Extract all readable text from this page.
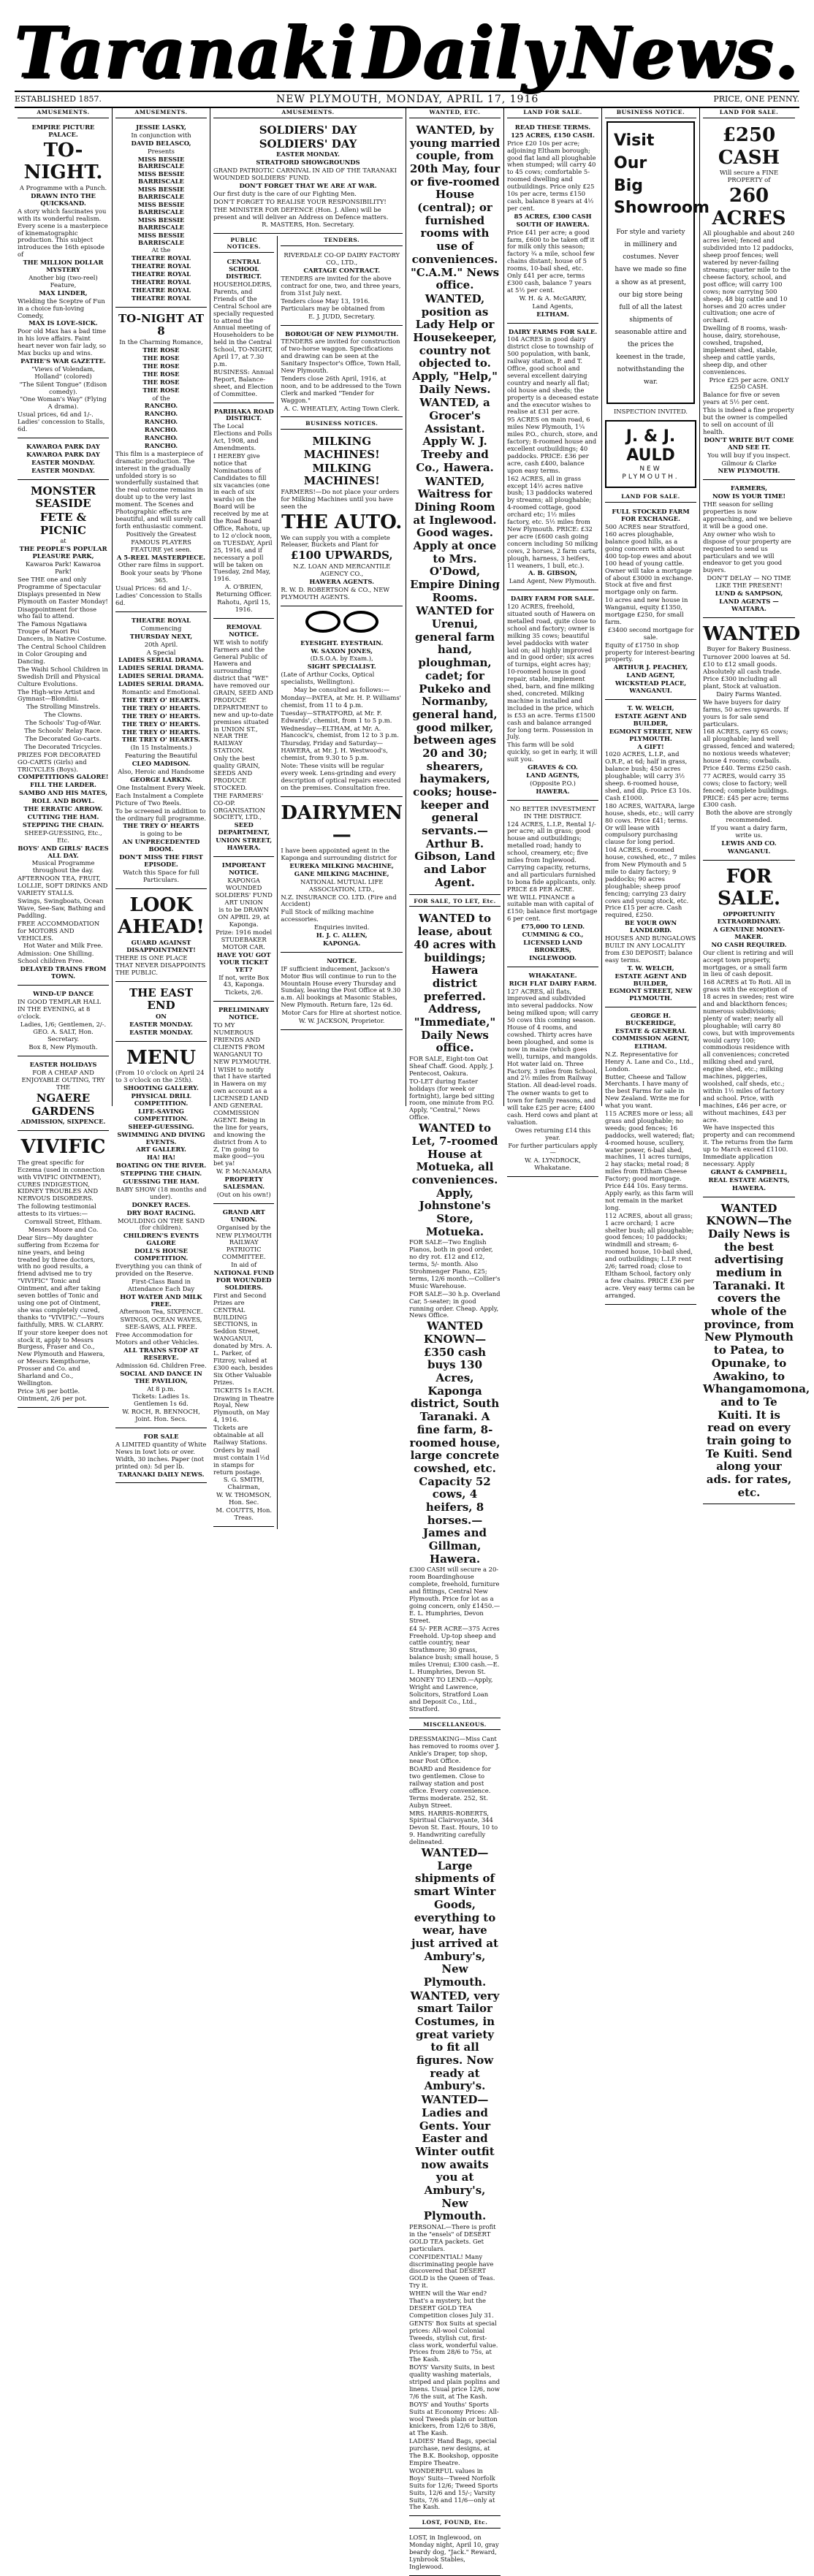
Taranaki Daily News.
ESTABLISHED 1857.	NEW PLYMOUTH, MONDAY, APRIL 17, 1916	PRICE, ONE PENNY.
AMUSEMENTS.

EMPIRE PICTURE PALACE.

TO-NIGHT.

A Programme with a Punch.

DRAWN INTO THE QUICKSAND.

A story which fascinates you with its wonderful realism. Every scene is a masterpiece of kinematographic production. This subject introduces the 16th episode of

THE MILLION DOLLAR MYSTERY

Another big (two-reel) Feature,

MAX LINDER,

Wielding the Sceptre of Fun in a choice fun-loving Comedy,

MAX IS LOVE-SICK.

Poor old Max has a bad time in his love affairs. Faint heart never won fair lady, so Max bucks up and wins.

PATHE'S WAR GAZETTE.

"Views of Volendam, Holland" (colored)

"The Silent Tongue" (Edison comedy).

"One Woman's Way" (Flying A drama).

Usual prices, 6d and 1/-. Ladies' concession to Stalls, 6d.

KAWAROA PARK DAY

KAWAROA PARK DAY

EASTER MONDAY.

EASTER MONDAY.

MONSTER SEASIDE

FETE & PICNIC

at

THE PEOPLE'S POPULAR PLEASURE PARK,

Kawaroa Park! Kawaroa Park!

See THE one and only Programme of Spectacular Displays presented in New Plymouth on Easter Monday!

Disappointment for those who fail to attend.

The Famous Ngatiawa Troupe of Maori Poi Dancers, in Native Costume.

The Central School Children in Color Grouping and Dancing.

The Waihi School Children in Swedish Drill and Physical Culture Evolutions.

The High-wire Artist and Gymnast—Blondini.

The Strolling Minstrels.

The Clowns.

The Schools' Tug-of-War.

The Schools' Relay Race.

The Decorated Go-carts.

The Decorated Tricycles.

PRIZES FOR DECORATED GO-CARTS (Girls) and TRICYCLES (Boys).

COMPETITIONS GALORE!

FILL THE LARDER.

SAMBO AND HIS MATES,

ROLL AND BOWL.

THE ERRATIC ARROW.

CUTTING THE HAM.

STEPPING THE CHAIN.

SHEEP-GUESSING, Etc., Etc.

BOYS' AND GIRLS' RACES ALL DAY.

Musical Programme throughout the day.

AFTERNOON TEA, FRUIT, LOLLIE, SOFT DRINKS AND VARIETY STALLS.

Swings, Swingboats, Ocean Wave, See-Saw, Bathing and Paddling.

FREE ACCOMMODATION for MOTORS AND VEHICLES.

Hot Water and Milk Free.

Admission: One Shilling. School children Free.

DELAYED TRAINS FROM TOWN.

WIND-UP DANCE

IN GOOD TEMPLAR HALL IN THE EVENING, at 8 o'clock.

Ladies, 1/6; Gentlemen, 2/-.

GEO. A. SALT, Hon. Secretary.

Box 8, New Plymouth.

EASTER HOLIDAYS

FOR A CHEAP AND ENJOYABLE OUTING, TRY THE

NGAERE GARDENS

ADMISSION, SIXPENCE.

VIVIFIC

The great specific for Eczema (used in connection with VIVIFIC OINTMENT), CURES INDIGESTION, KIDNEY TROUBLES AND NERVOUS DISORDERS.

The following testimonial attests to its virtues:—

Cornwall Street, Eltham.

Messrs Moore and Co.

Dear Sirs—My daughter suffering from Eczema for nine years, and being treated by three doctors, with no good results, a friend advised me to try "VIVIFIC" Tonic and Ointment, and after taking seven bottles of Tonic and using one pot of Ointment, she was completely cured, thanks to "VIVIFIC."—Yours faithfully, MRS. W. CLARRY.

If your store keeper does not stock it, apply to Messrs Burgess, Fraser and Co., New Plymouth and Hawera, or Messrs Kempthorne, Prosser and Co. and Sharland and Co., Wellington.

Price 3/6 per bottle. Ointment, 2/6 per pot.

AMUSEMENTS.

JESSIE LASKY,

In conjunction with

DAVID BELASCO,

Presents

MISS BESSIE BARRISCALE

MISS BESSIE BARRISCALE

MISS BESSIE BARRISCALE

MISS BESSIE BARRISCALE

MISS BESSIE BARRISCALE

MISS BESSIE BARRISCALE

At the

THEATRE ROYAL

THEATRE ROYAL

THEATRE ROYAL

THEATRE ROYAL

THEATRE ROYAL

THEATRE ROYAL

TO-NIGHT AT 8

In the Charming Romance,

THE ROSE

THE ROSE

THE ROSE

THE ROSE

THE ROSE

THE ROSE

of the

RANCHO.

RANCHO.

RANCHO.

RANCHO.

RANCHO.

RANCHO.

This film is a masterpiece of dramatic production. The interest in the gradually unfolded story is so wonderfully sustained that the real outcome remains in doubt up to the very last moment. The Scenes and Photographic effects are beautiful, and will surely call forth enthusiastic comment.

Positively the Greatest

FAMOUS PLAYERS FEATURE yet seen.

A 5-REEL MASTERPIECE.

Other rare films in support.

Book your seats by 'Phone 365.

Usual Prices: 6d and 1/-. Ladies' Concession to Stalls 6d.

THEATRE ROYAL

Commencing

THURSDAY NEXT,

20th April.

A Special

LADIES SERIAL DRAMA.

LADIES SERIAL DRAMA.

LADIES SERIAL DRAMA.

LADIES SERIAL DRAMA.

Romantic and Emotional.

THE TREY O' HEARTS.

THE TREY O' HEARTS.

THE TREY O' HEARTS.

THE TREY O' HEARTS.

THE TREY O' HEARTS.

THE TREY O' HEARTS.

(In 15 Instalments.)

Featuring the Beautiful

CLEO MADISON.

Also, Heroic and Handsome

GEORGE LARKIN.

One Instalment Every Week.

Each Instalment a Complete Picture of Two Reels.

To be screened in addition to the ordinary full programme.

THE TREY O' HEARTS

is going to be

AN UNPRECEDENTED BOOM.

DON'T MISS THE FIRST EPISODE.

Watch this Space for full Particulars.

LOOK AHEAD!

GUARD AGAINST DISAPPOINTMENT!

THERE IS ONE PLACE THAT NEVER DISAPPOINTS THE PUBLIC.

THE EAST END

ON

EASTER MONDAY.

EASTER MONDAY.

MENU

(From 10 o'clock on April 24 to 3 o'clock on the 25th).

SHOOTING GALLERY.

PHYSICAL DRILL COMPETITION.

LIFE-SAVING COMPETITION.

SHEEP-GUESSING.

SWIMMING AND DIVING EVENTS.

ART GALLERY.

HA! HA!

BOATING ON THE RIVER.

STEPPING THE CHAIN.

GUESSING THE HAM.

BABY SHOW (18 months and under).

DONKEY RACES.

DRY BOAT RACING.

MOULDING ON THE SAND (for children).

CHILDREN'S EVENTS GALORE

DOLL'S HOUSE COMPETITION.

Everything you can think of provided on the Reserve.

First-Class Band in Attendance Each Day

HOT WATER AND MILK FREE.

Afternoon Tea, SIXPENCE.

SWINGS, OCEAN WAVES, SEE-SAWS, ALL FREE.

Free Accommodation for Motors and other Vehicles.

ALL TRAINS STOP AT RESERVE.

Admission 6d. Children Free.

SOCIAL AND DANCE IN THE PAVILION,

At 8 p.m.

Tickets: Ladies 1s. Gentlemen 1s 6d.

W. ROCH, R. BENNOCH, Joint. Hon. Secs.

FOR SALE

A LIMITED quantity of White News in Iowt lots or over. Width, 30 inches. Paper (not printed on): 5d per lb.

TARANAKI DAILY NEWS.

AMUSEMENTS.

SOLDIERS' DAY

SOLDIERS' DAY

EASTER MONDAY.

STRATFORD SHOWGROUNDS

GRAND PATRIOTIC CARNIVAL IN AID OF THE TARANAKI WOUNDED SOLDIERS' FUND.

DON'T FORGET THAT WE ARE AT WAR.

Our first duty is the care of our Fighting Men.

DON'T FORGET TO REALISE YOUR RESPONSIBILITY!

THE MINISTER FOR DEFENCE (Hon. J. Allen) will be present and will deliver an Address on Defence matters.

R. MASTERS, Hon. Secretary.

PUBLIC NOTICES.

CENTRAL SCHOOL DISTRICT.

HOUSEHOLDERS, Parents, and Friends of the Central School are specially requested to attend the Annual meeting of Householders to be held in the Central School, TO-NIGHT, April 17, at 7.30 p.m.

BUSINESS: Annual Report, Balance-sheet, and Election of Committee.

PARIHAKA ROAD DISTRICT.

The Local Elections and Polls Act, 1908, and Amendments.

I HEREBY give notice that Nominations of Candidates to fill six vacancies (one in each of six wards) on the Board will be received by me at the Road Board Office, Rahotu, up to 12 o'clock noon, on TUESDAY, April 25, 1916, and if necessary a poll will be taken on Tuesday, 2nd May, 1916.

A. O'BRIEN, Returning Officer.

Rahotu, April 15, 1916.

REMOVAL NOTICE.

WE wish to notify Farmers and the General Public of Hawera and surrounding district that "WE" have removed our GRAIN, SEED AND PRODUCE DEPARTMENT to new and up-to-date premises situated in UNION ST., NEAR THE RAILWAY STATION.

Only the best quality GRAIN, SEEDS AND PRODUCE STOCKED.

THE FARMERS' CO-OP. ORGANISATION SOCIETY, LTD.,

SEED DEPARTMENT,

UNION STREET, HAWERA.

IMPORTANT NOTICE.

KAPONGA WOUNDED SOLDIERS' FUND ART UNION

is to be DRAWN ON APRIL 29, at Kaponga.

Prize: 1916 model STUDEBAKER MOTOR CAR.

HAVE YOU GOT YOUR TICKET YET?

If not, write Box 43, Kaponga.

Tickets, 2/6.

PRELIMINARY NOTICE.

TO MY NUMEROUS FRIENDS AND CLIENTS FROM WANGANUI TO NEW PLYMOUTH.

I WISH to notify that I have started in Hawera on my own account as a LICENSED LAND AND GENERAL COMMISSION AGENT. Being in the line for years, and knowing the district from A to Z, I'm going to make good—you bet ya!

W. P. McNAMARA

PROPERTY SALESMAN.

(Out on his own!)

GRAND ART UNION.

Organised by the

NEW PLYMOUTH RAILWAY PATRIOTIC COMMITTEE.

In aid of

NATIONAL FUND FOR WOUNDED SOLDIERS.

First and Second Prizes are CENTRAL BUILDING SECTIONS, in Seddon Street, WANGANUI, donated by Mrs. A. L. Parker, of Fitzroy, valued at £300 each, besides Six Other Valuable Prizes.

TICKETS 1s EACH.

Drawing in Theatre Royal, New Plymouth, on May 4, 1916.

Tickets are obtainable at all Railway Stations.

Orders by mail must contain 1½d in stamps for return postage.

S. G. SMITH, Chairman,

W. W. THOMSON, Hon. Sec.

M. COUTTS, Hon. Treas.

TENDERS.

RIVERDALE CO-OP DAIRY FACTORY CO., LTD.,

CARTAGE CONTRACT.

TENDERS are invited for the above contract for one, two, and three years, from 31st July next.

Tenders close May 13, 1916. Particulars may be obtained from

E. J. JUDD, Secretary.

BOROUGH OF NEW PLYMOUTH.

TENDERS are invited for construction of two-horse waggon. Specifications and drawing can be seen at the Sanitary Inspector's Office, Town Hall, New Plymouth.

Tenders close 26th April, 1916, at noon, and to be addressed to the Town Clerk and marked "Tender for Waggon."

A. C. WHEATLEY, Acting Town Clerk.

BUSINESS NOTICES.

MILKING MACHINES!

MILKING MACHINES!

FARMERS!—Do not place your orders for Milking Machines until you have seen the

THE AUTO.

We can supply you with a complete Releaser, Buckets and Plant for

£100 UPWARDS,

N.Z. LOAN AND MERCANTILE AGENCY CO.,

HAWERA AGENTS.

R. W. D. ROBERTSON & CO., NEW PLYMOUTH AGENTS.

EYESIGHT. EYESTRAIN.

W. SAXON JONES,

(D.S.O.A. by Exam.),

SIGHT SPECIALIST.

(Late of Arthur Cocks, Optical specialists, Wellington).

May be consulted as follows:—

Monday—PATEA, at Mr. H. P. Williams' chemist, from 11 to 4 p.m.

Tuesday—STRATFORD, at Mr. F. Edwards', chemist, from 1 to 5 p.m.

Wednesday—ELTHAM, at Mr. A. Hancock's, chemist, from 12 to 3 p.m.

Thursday, Friday and Saturday—HAWERA, at Mr. J. H. Westwood's, chemist, from 9.30 to 5 p.m.

Note: These visits will be regular every week. Lens-grinding and every description of optical repairs executed on the premises. Consultation free.

DAIRYMEN—

I have been appointed agent in the Kaponga and surrounding district for

EUREKA MILKING MACHINE,

GANE MILKING MACHINE,

NATIONAL MUTUAL LIFE ASSOCIATION, LTD.,

N.Z. INSURANCE CO. LTD. (Fire and Accident)

Full Stock of milking machine accessories.

Enquiries invited.

H. J. C. ALLEN,

KAPONGA.

NOTICE.

IF sufficient inducement, Jackson's Motor Bus will continue to run to the Mountain House every Thursday and Sunday, leaving the Post Office at 9.30 a.m. All bookings at Masonic Stables, New Plymouth. Return fare, 12s 6d.

Motor Cars for Hire at shortest notice.

W. W. JACKSON, Proprietor.

WANTED, ETC.

WANTED, by young married couple, from 20th May, four or five-roomed House (central); or furnished rooms with use of conveniences. "C.A.M." News office.

WANTED, position as Lady Help or Housekeeper, country not objected to. Apply, "Help," Daily News.

WANTED, a Grocer's Assistant. Apply W. J. Treeby and Co., Hawera.

WANTED, Waitress for Dining Room at Inglewood. Good wages. Apply at once to Mrs. O'Dowd, Empire Dining Rooms.

WANTED for Urenui, general farm hand, ploughman, cadet; for Pukeko and Normanby, general hand, good milker, between ages 20 and 30; shearers, haymakers, cooks; house-keeper and general servants.—Arthur B. Gibson, Land and Labor Agent.

FOR SALE, TO LET, Etc.

WANTED to lease, about 40 acres with buildings; Hawera district preferred. Address, "Immediate," Daily News office.

FOR SALE, Eight-ton Oat Sheaf Chaff. Good. Apply, J. Pentecost, Oakura.

TO-LET during Easter holidays (for week or fortnight), large bed sitting room, one minute from P.O. Apply, "Central," News Office.

WANTED to Let, 7-roomed House at Motueka, all conveniences. Apply, Johnstone's Store, Motueka.

FOR SALE—Two English Pianos, both in good order, no dry rot. £12 and £12, terms, 5/- month. Also Strohmenger Piano, £25; terms, 12/6 month.—Collier's Music Warehouse.

FOR SALE—30 h.p. Overland Car, 5-seater; in good running order. Cheap. Apply, News Office.

WANTED KNOWN—£350 cash buys 130 Acres, Kaponga district, South Taranaki. A fine farm, 8-roomed house, large concrete cowshed, etc. Capacity 52 cows, 4 heifers, 8 horses.—James and Gillman, Hawera.

£300 CASH will secure a 20-room Boardinghouse complete, freehold, furniture and fittings, Central New Plymouth. Price for lot as a going concern, only £1450.—E. L. Humphries, Devon Street.

£4 5/- PER ACRE—375 Acres Freehold. Up-top sheep and cattle country, near Strathmore; 30 grass, balance bush; small house, 5 miles Urenui; £300 cash.—E. L. Humphries, Devon St.

MONEY TO LEND.—Apply, Wright and Lawrence, Solicitors, Stratford Loan and Deposit Co., Ltd., Stratford.

MISCELLANEOUS.

DRESSMAKING—Miss Cant has removed to rooms over J. Ankle's Draper, top shop, near Post Office.

BOARD and Residence for two gentlemen. Close to railway station and post office. Every convenience. Terms moderate. 252, St. Aubyn Street.

MRS. HARRIS-ROBERTS, Spiritual Clairvoyante, 344 Devon St. East. Hours, 10 to 9. Handwriting carefully delineated.

WANTED—Large shipments of smart Winter Goods, everything to wear, have just arrived at Ambury's, New Plymouth.

WANTED, very smart Tailor Costumes, in great variety to fit all figures. Now ready at Ambury's.

WANTED—Ladies and Gents. Your Easter and Winter outfit now awaits you at Ambury's, New Plymouth.

PERSONAL—There is profit in the "ensels" of DESERT GOLD TEA packets. Get particulars.

CONFIDENTIAL! Many discriminating people have discovered that DESERT GOLD is the Queen of Teas. Try it.

WHEN will the War end? That's a mystery, but the DESERT GOLD TEA Competition closes July 31.

GENTS' Box Suits at special prices: All-wool Colonial Tweeds, stylish cut, first-class work, wonderful value. Prices from 28/6 to 75s, at The Kash.

BOYS' Varsity Suits, in best quality washing materials, striped and plain poplins and linens. Usual price 12/6, now 7/6 the suit, at The Kash.

BOYS' and Youths' Sports Suits at Economy Prices: All-wool Tweeds plain or button knickers, from 12/6 to 38/6, at The Kash.

LADIES' Hand Bags, special purchase, new designs, at The B.K. Bookshop, opposite Empire Theatre.

WONDERFUL values in Boys' Suits—Tweed Norfolk Suits for 12/6; Tweed Sports Suits, 12/6 and 15/-; Varsity Suits, 7/6 and 11/6—only at The Kash.

LOST, FOUND, Etc.

LOST, in Inglewood, on Monday night, April 10, gray beardy dog, "Jack." Reward, Lynbrook Stables, Inglewood.

LAND FOR SALE.

READ THESE TERMS.

125 ACRES, £150 CASH.

Price £20 10s per acre; adjoining Eltham borough; good flat land all ploughable when stumped; will carry 40 to 45 cows; comfortable 5-roomed dwelling and outbuildings. Price only £25 10s per acre, terms £150 cash, balance 8 years at 4½ per cent.

85 ACRES, £300 CASH

SOUTH OF HAWERA.

Price £41 per acre; a good farm, £600 to be taken off it for milk only this season; factory ¾ a mile, school few chains distant; house of 5 rooms, 10-bail shed, etc. Only £41 per acre, terms £300 cash, balance 7 years at 5½ per cent.

W. H. & A. McGARRY,

Land Agents,

ELTHAM.

DAIRY FARMS FOR SALE.

104 ACRES in good dairy district close to township of 500 population, with bank, railway station, P. and T. Office, good school and several excellent dairying country and nearly all flat; old house and sheds; the property is a deceased estate and the executor wishes to realise at £31 per acre.

95 ACRES on main road, 6 miles New Plymouth, 1¼ miles P.O., church, store, and factory; 8-roomed house and excellent outbuildings; 40 paddocks. PRICE: £36 per acre, cash £400, balance upon easy terms.

162 ACRES, all in grass except 14½ acres native bush; 13 paddocks watered by streams; all ploughable; 4-roomed cottage, good orchard etc; 1½ miles factory, etc. 5½ miles from New Plymouth. PRICE: £32 per acre (£600 cash going concern including 50 milking cows, 2 horses, 2 farm carts, plough, harness, 3 heifers, 11 weaners, 1 bull, etc.).

A. B. GIBSON,

Land Agent, New Plymouth.

DAIRY FARM FOR SALE.

120 ACRES, freehold, situated south of Hawera on metalled road, quite close to school and factory; owner is milking 35 cows; beautiful level paddocks with water laid on; all highly improved and in good order; six acres of turnips, eight acres hay; 10-roomed house in good repair, stable, implement shed, barn, and fine milking shed, concreted. Milking machine is installed and included in the price, which is £53 an acre. Terms £1500 cash and balance arranged for long term. Possession in July.

This farm will be sold quickly, so get in early, it will suit you.

GRAVES & CO.

LAND AGENTS,

(Opposite P.O.)

HAWERA.

NO BETTER INVESTMENT IN THE DISTRICT.

124 ACRES, L.I.P., Rental 1/- per acre; all in grass; good house and outbuildings; metalled road; handy to school, creamery, etc; five miles from Inglewood. Carrying capacity, returns, and all particulars furnished to bona fide applicants, only. PRICE £8 PER ACRE.

WE WILL FINANCE a suitable man with capital of £150; balance first mortgage 6 per cent.

£75,000 TO LEND.

CUMMING & CO.,

LICENSED LAND BROKERS,

INGLEWOOD.

WHAKATANE.

RICH FLAT DAIRY FARM.

127 ACRES, all flats, improved and subdivided into several paddocks. Now being milked upon; will carry 50 cows this coming season. House of 4 rooms, and cowshed. Thirty acres have been ploughed, and some is now in maize (which goes well), turnips, and mangolds. Hot water laid on. Three Factory, 3 miles from School, and 2½ miles from Railway Station. All dead-level roads.

The owner wants to get to town for family reasons, and will take £25 per acre; £400 cash. Herd cows and plant at valuation.

Owes returning £14 this year.

For further particulars apply—

W. A. LYNDROCK, Whakatane.

BUSINESS NOTICE.
Visit
Our
Big
Showroom

For style and variety in millinery and costumes. Never have we made so fine a show as at present, our big store being full of all the latest shipments of seasonable attire and the prices the keenest in the trade, notwithstanding the war.

INSPECTION INVITED.
J. & J. AULD
NEW PLYMOUTH.
LAND FOR SALE.

FULL STOCKED FARM FOR EXCHANGE.

500 ACRES near Stratford, 160 acres ploughable, balance good hills, as a going concern with about 400 top-top ewes and about 100 head of young cattle. Owner will take a mortgage of about £3000 in exchange. Stock at five and first mortgage only on farm.

10 acres and new house in Wanganui, equity £1350, mortgage £250, for small farm.

£3400 second mortgage for sale.

Equity of £1750 in shop property for interest-bearing property.

ARTHUR J. PEACHEY,

LAND AGENT,

WICKSTEAD PLACE, WANGANUI.

T. W. WELCH,

ESTATE AGENT AND BUILDER,

EGMONT STREET, NEW PLYMOUTH.

A GIFT!

1020 ACRES, L.I.P., and O.R.P., at 6d; half in grass, balance bush; 450 acres ploughable; will carry 3½ sheep. 6-roomed house, shed, and dip. Price £3 10s. Cash £1000.

180 ACRES, WAITARA, large house, sheds, etc.; will carry 80 cows. Price £41; terms. Or will lease with compulsory purchasing clause for long period.

104 ACRES, 6-roomed house, cowshed, etc., 7 miles from New Plymouth and 5 mile to dairy factory; 9 paddocks; 90 acres ploughable; sheep proof fencing; carrying 23 dairy cows and young stock, etc. Price £15 per acre. Cash required, £250.

BE YOUR OWN LANDLORD.

HOUSES AND BUNGALOWS BUILT IN ANY LOCALITY from £30 DEPOSIT; balance easy terms.

T. W. WELCH,

ESTATE AGENT AND BUILDER,

EGMONT STREET, NEW PLYMOUTH.

GEORGE H. BUCKERIDGE,

ESTATE & GENERAL COMMISSION AGENT,

ELTHAM.

N.Z. Representative for Henry A. Lane and Co., Ltd., London.

Butter, Cheese and Tallow Merchants. I have many of the best Farms for sale in New Zealand. Write me for what you want.

115 ACRES more or less; all grass and ploughable; no weeds; good fences; 16 paddocks, well watered; flat; 4-roomed house, scullery, water power, 6-bail shed, machines, 11 acres turnips, 2 hay stacks; metal road; 8 miles from Eltham Cheese Factory; good mortgage. Price £44 10s. Easy terms. Apply early, as this farm will not remain in the market long.

112 ACRES, about all grass; 1 acre orchard; 1 acre shelter bush; all ploughable; good fences; 10 paddocks; windmill and stream; 6-roomed house, 10-bail shed, and outbuildings; L.I.P. rent 2/6; tarred road; close to Eltham School, factory only a few chains. PRICE £36 per acre. Very easy terms can be arranged.

LAND FOR SALE.

£250 CASH

Will secure a FINE PROPERTY of

260 ACRES

All ploughable and about 240 acres level; fenced and subdivided into 12 paddocks, sheep proof fences; well watered by never-failing streams; quarter mile to the cheese factory, school, and post office; will carry 100 cows; now carrying 500 sheep, 48 big cattle and 10 horses and 20 acres under cultivation; one acre of orchard.

Dwelling of 8 rooms, wash-house, dairy, storehouse, cowshed, trapshed, implement shed, stable, sheep and cattle yards, sheep dip, and other conveniences.

Price £25 per acre. ONLY £250 CASH.

Balance for five or seven years at 5½ per cent.

This is indeed a fine property but the owner is compelled to sell on account of ill health.

DON'T WRITE BUT COME AND SEE IT.

You will buy if you inspect.

Gilmour & Clarke

NEW PLYMOUTH.

FARMERS,

NOW IS YOUR TIME!

THE season for selling properties is now approaching, and we believe it will be a good one.

Any owner who wish to dispose of your property are requested to send us particulars and we will endeavor to get you good buyers.

DON'T DELAY — NO TIME LIKE THE PRESENT!

LUND & SAMPSON,

LAND AGENTS — WAITARA.

WANTED

Buyer for Bakery Business.

Turnover 2000 loaves at 5d. £10 to £12 small goods. Absolutely all cash trade. Price £300 including all plant, Stock at valuation.

Dairy Farms Wanted.

We have buyers for dairy farms, 50 acres upwards. If yours is for sale send particulars.

168 ACRES, carry 65 cows; all ploughable; land well grassed, fenced and watered; no noxious weeds whatever; house 4 rooms; cowbails. Price £40. Terms £250 cash.

77 ACRES, would carry 35 cows; close to factory; well fenced; complete buildings. PRICE: £45 per acre; terms £300 cash.

Both the above are strongly recommended.

If you want a dairy farm, write us.

LEWIS AND CO.

WANGANUI.

FOR SALE.

OPPORTUNITY EXTRAORDINARY.

A GENUINE MONEY-MAKER.

NO CASH REQUIRED.

Our client is retiring and will accept town property, mortgages, or a small farm in lieu of cash deposit.

168 ACRES at To Roti. All in grass with the exception of 18 acres in swedes; rest wire and and blackthorn fences; numerous subdivisions; plenty of water; nearly all ploughable; will carry 80 cows, but with improvements would carry 100; commodious residence with all conveniences; concreted milking shed and yard, engine shed, etc.; milking machines, piggeries, woolshed, calf sheds, etc.; within 1½ miles of factory and school. Price, with machines, £46 per acre, or without machines, £43 per acre.

We have inspected this property and can recommend it. The returns from the farm up to March exceed £1100. Immediate application necessary. Apply

GRANT & CAMPBELL,

REAL ESTATE AGENTS,

HAWERA.

WANTED KNOWN—The Daily News is the best advertising medium in Taranaki. It covers the whole of the province, from New Plymouth to Patea, to Opunake, to Awakino, to Whangamomona, and to Te Kuiti. It is read on every train going to Te Kuiti. Send along your ads. for rates, etc.
